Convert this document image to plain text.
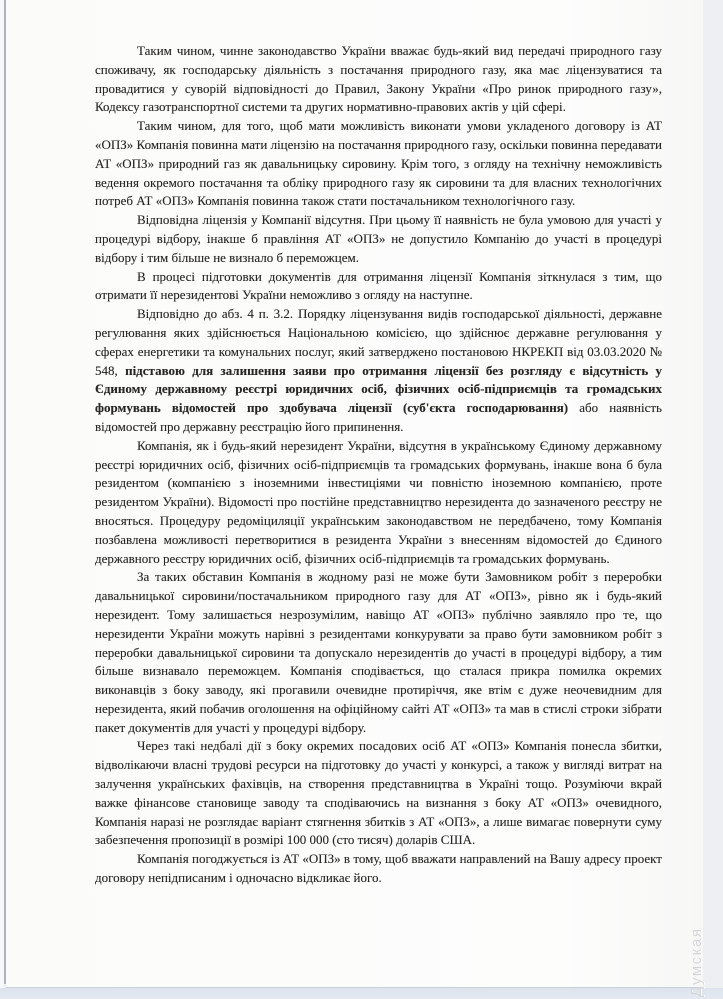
Таким чином, чинне законодавство України вважає будь-який вид передачі природного газу споживачу, як господарську діяльність з постачання природного газу, яка має ліцензуватися та провадитися у суворій відповідності до Правил, Закону України «Про ринок природного газу», Кодексу газотранспортної системи та других нормативно-правових актів у цій сфері.

Таким чином, для того, щоб мати можливість виконати умови укладеного договору із АТ «ОПЗ» Компанія повинна мати ліцензію на постачання природного газу, оскільки повинна передавати АТ «ОПЗ» природний газ як давальницьку сировину. Крім того, з огляду на технічну неможливість ведення окремого постачання та обліку природного газу як сировини та для власних технологічних потреб АТ «ОПЗ» Компанія повинна також стати постачальником технологічного газу.

Відповідна ліцензія у Компанії відсутня. При цьому її наявність не була умовою для участі у процедурі відбору, інакше б правління АТ «ОПЗ» не допустило Компанію до участі в процедурі відбору і тим більше не визнало б переможцем.

В процесі підготовки документів для отримання ліцензії Компанія зіткнулася з тим, що отримати її нерезидентові України неможливо з огляду на наступне.

Відповідно до абз. 4 п. 3.2. Порядку ліцензування видів господарської діяльності, державне регулювання яких здійснюється Національною комісією, що здійснює державне регулювання у сферах енергетики та комунальних послуг, який затверджено постановою НКРЕКП від 03.03.2020 № 548, підставою для залишення заяви про отримання ліцензії без розгляду є відсутність у Єдиному державному реєстрі юридичних осіб, фізичних осіб-підприємців та громадських формувань відомостей про здобувача ліцензії (суб'єкта господарювання) або наявність відомостей про державну реєстрацію його припинення.

Компанія, як і будь-який нерезидент України, відсутня в українському Єдиному державному реєстрі юридичних осіб, фізичних осіб-підприємців та громадських формувань, інакше вона б була резидентом (компанією з іноземними інвестиціями чи повністю іноземною компанією, проте резидентом України). Відомості про постійне представництво нерезидента до зазначеного реєстру не вносяться. Процедуру редоміциляції українським законодавством не передбачено, тому Компанія позбавлена можливості перетворитися в резидента України з внесенням відомостей до Єдиного державного реєстру юридичних осіб, фізичних осіб-підприємців та громадських формувань.

За таких обставин Компанія в жодному разі не може бути Замовником робіт з переробки давальницької сировини/постачальником природного газу для АТ «ОПЗ», рівно як і будь-який нерезидент. Тому залишається незрозумілим, навіщо АТ «ОПЗ» публічно заявляло про те, що нерезиденти України можуть нарівні з резидентами конкурувати за право бути замовником робіт з переробки давальницької сировини та допускало нерезидентів до участі в процедурі відбору, а тим більше визнавало переможцем. Компанія сподівається, що сталася прикра помилка окремих виконавців з боку заводу, які прогавили очевидне протиріччя, яке втім є дуже неочевидним для нерезидента, який побачив оголошення на офіційному сайті АТ «ОПЗ» та мав в стислі строки зібрати пакет документів для участі у процедурі відбору.

Через такі недбалі дії з боку окремих посадових осіб АТ «ОПЗ» Компанія понесла збитки, відволікаючи власні трудові ресурси на підготовку до участі у конкурсі, а також у вигляді витрат на залучення українських фахівців, на створення представництва в Україні тощо. Розуміючи вкрай важке фінансове становище заводу та сподіваючись на визнання з боку АТ «ОПЗ» очевидного, Компанія наразі не розглядає варіант стягнення збитків з АТ «ОПЗ», а лише вимагає повернути суму забезпечення пропозиції в розмірі 100 000 (сто тисяч) доларів США.

Компанія погоджується із АТ «ОПЗ» в тому, щоб вважати направлений на Вашу адресу проект договору непідписаним і одночасно відкликає його.

Думская
